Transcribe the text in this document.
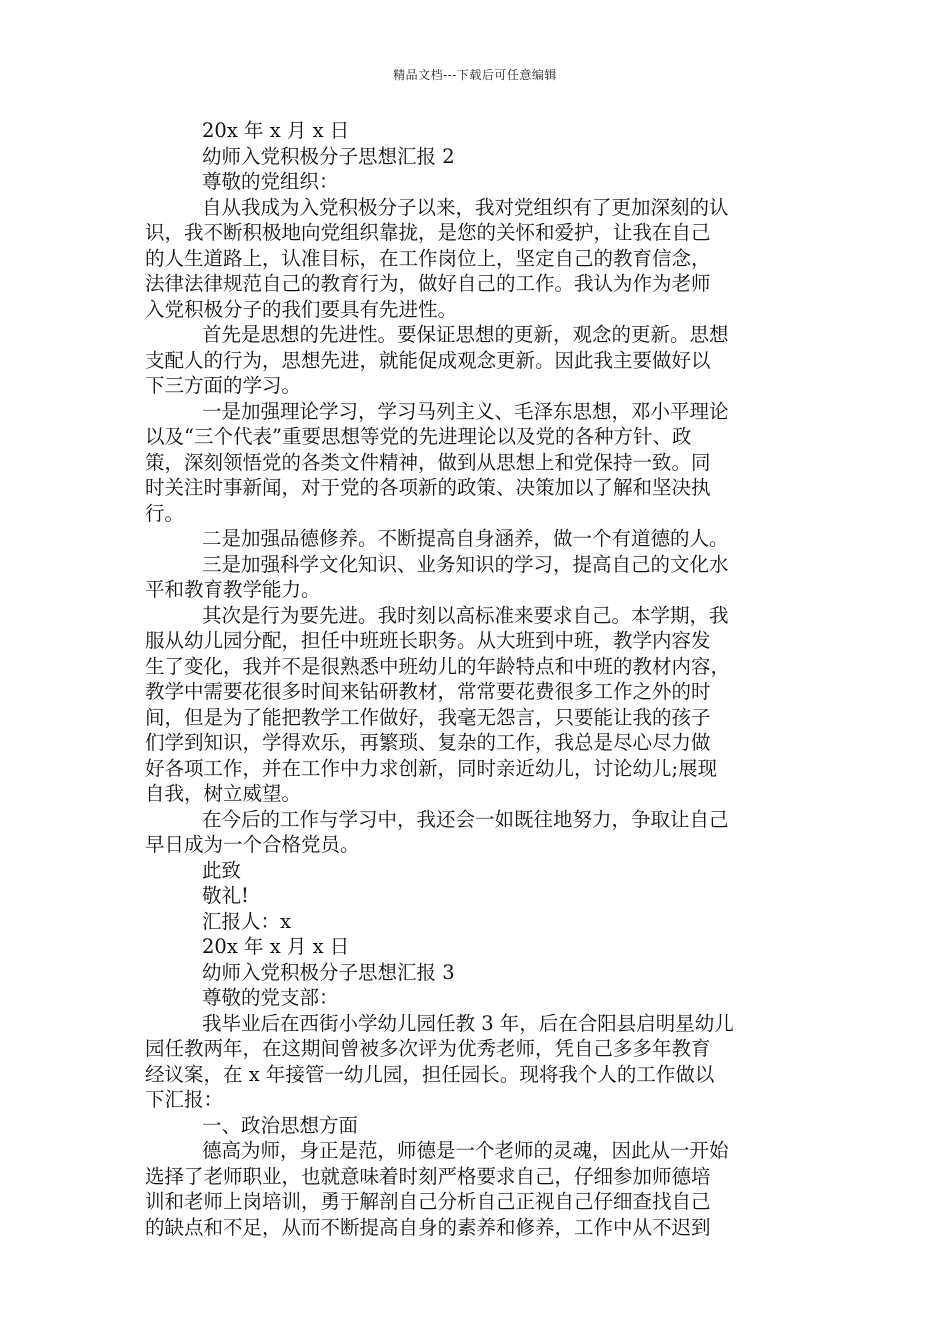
精品文档---下载后可任意编辑
20x 年 x 月 x 日
幼师入党积极分子思想汇报 2
尊敬的党组织：
自从我成为入党积极分子以来，我对党组织有了更加深刻的认
识，我不断积极地向党组织靠拢，是您的关怀和爱护，让我在自己
的人生道路上，认准目标，在工作岗位上，坚定自己的教育信念，
法律法律规范自己的教育行为，做好自己的工作。我认为作为老师
入党积极分子的我们要具有先进性。
首先是思想的先进性。要保证思想的更新，观念的更新。思想
支配人的行为，思想先进，就能促成观念更新。因此我主要做好以
下三方面的学习。
一是加强理论学习，学习马列主义、毛泽东思想，邓小平理论
以及“三个代表”重要思想等党的先进理论以及党的各种方针、政
策，深刻领悟党的各类文件精神，做到从思想上和党保持一致。同
时关注时事新闻，对于党的各项新的政策、决策加以了解和坚决执
行。
二是加强品德修养。不断提高自身涵养，做一个有道德的人。
三是加强科学文化知识、业务知识的学习，提高自己的文化水
平和教育教学能力。
其次是行为要先进。我时刻以高标准来要求自己。本学期，我
服从幼儿园分配，担任中班班长职务。从大班到中班，教学内容发
生了变化，我并不是很熟悉中班幼儿的年龄特点和中班的教材内容，
教学中需要花很多时间来钻研教材，常常要花费很多工作之外的时
间，但是为了能把教学工作做好，我毫无怨言，只要能让我的孩子
们学到知识，学得欢乐，再繁琐、复杂的工作，我总是尽心尽力做
好各项工作，并在工作中力求创新，同时亲近幼儿，讨论幼儿;展现
自我，树立威望。
在今后的工作与学习中，我还会一如既往地努力，争取让自己
早日成为一个合格党员。
此致
敬礼!
汇报人：x
20x 年 x 月 x 日
幼师入党积极分子思想汇报 3
尊敬的党支部：
我毕业后在西街小学幼儿园任教 3 年，后在合阳县启明星幼儿
园任教两年，在这期间曾被多次评为优秀老师，凭自己多多年教育
经议案，在 x 年接管一幼儿园，担任园长。现将我个人的工作做以
下汇报：
一、政治思想方面
德高为师，身正是范，师德是一个老师的灵魂，因此从一开始
选择了老师职业，也就意味着时刻严格要求自己，仔细参加师德培
训和老师上岗培训，勇于解剖自己分析自己正视自己仔细查找自己
的缺点和不足，从而不断提高自身的素养和修养，工作中从不迟到
